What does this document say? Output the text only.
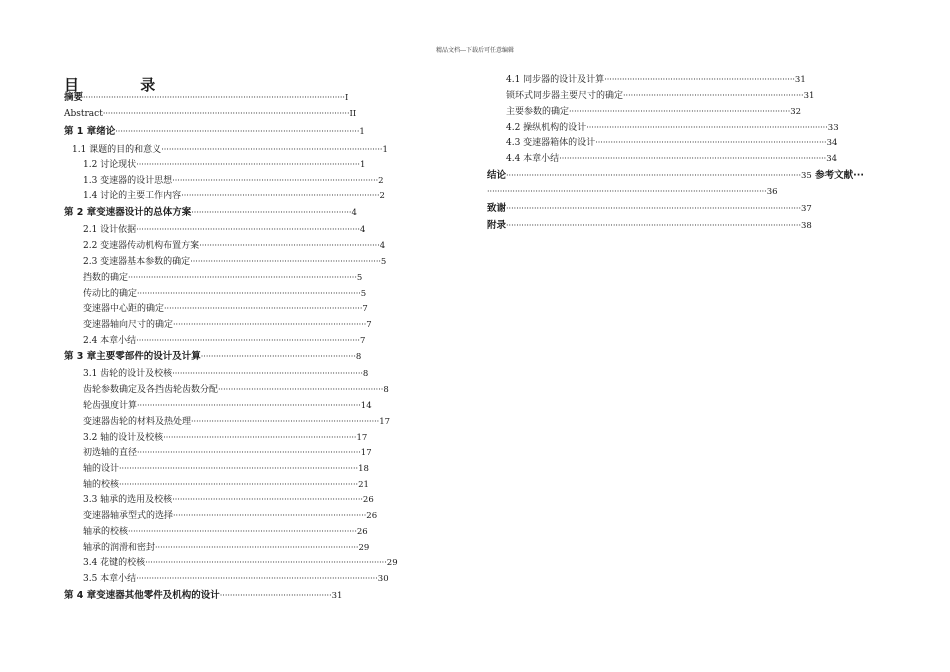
精品文档---下载后可任意编辑
目 录
摘要·······································································································I
Abstract·································································································II
第 1 章绪论································································································1
1.1 课题的目的和意义·······················································································1
1.2 讨论现状························································································1
1.3 变速器的设计思想·················································································2
1.4 讨论的主要工作内容··············································································2
第 2 章变速器设计的总体方案·······························································4
2.1 设计依据························································································4
2.2 变速器传动机构布置方案·······································································4
2.3 变速器基本参数的确定···········································································5
挡数的确定··························································································5
传动比的确定························································································5
变速器中心距的确定··············································································7
变速器轴向尺寸的确定············································································7
2.4 本章小结························································································7
第 3 章主要零部件的设计及计算·····························································8
3.1 齿轮的设计及校核···········································································8
齿轮参数确定及各挡齿轮齿数分配·································································8
轮齿强度计算························································································14
变速器齿轮的材料及热处理··········································································17
3.2 轴的设计及校核············································································17
初选轴的直径························································································17
轴的设计······························································································18
轴的校核······························································································21
3.3 轴承的选用及校核···········································································26
变速器轴承型式的选择············································································26
轴承的校核··························································································26
轴承的润滑和密封················································································29
3.4 花键的校核·······························································································29
3.5 本章小结·······························································································30
第 4 章变速器其他零件及机构的设计············································31
4.1 同步器的设计及计算···········································································31
锁环式同步器主要尺寸的确定·······································································31
主要参数的确定·······················································································32
4.2 操纵机构的设计·······························································································33
4.3 变速器箱体的设计···························································································34
4.4 本章小结·········································································································34
结论····················································································································35 参考文献···
··············································································································36
致谢····················································································································37
附录····················································································································38
